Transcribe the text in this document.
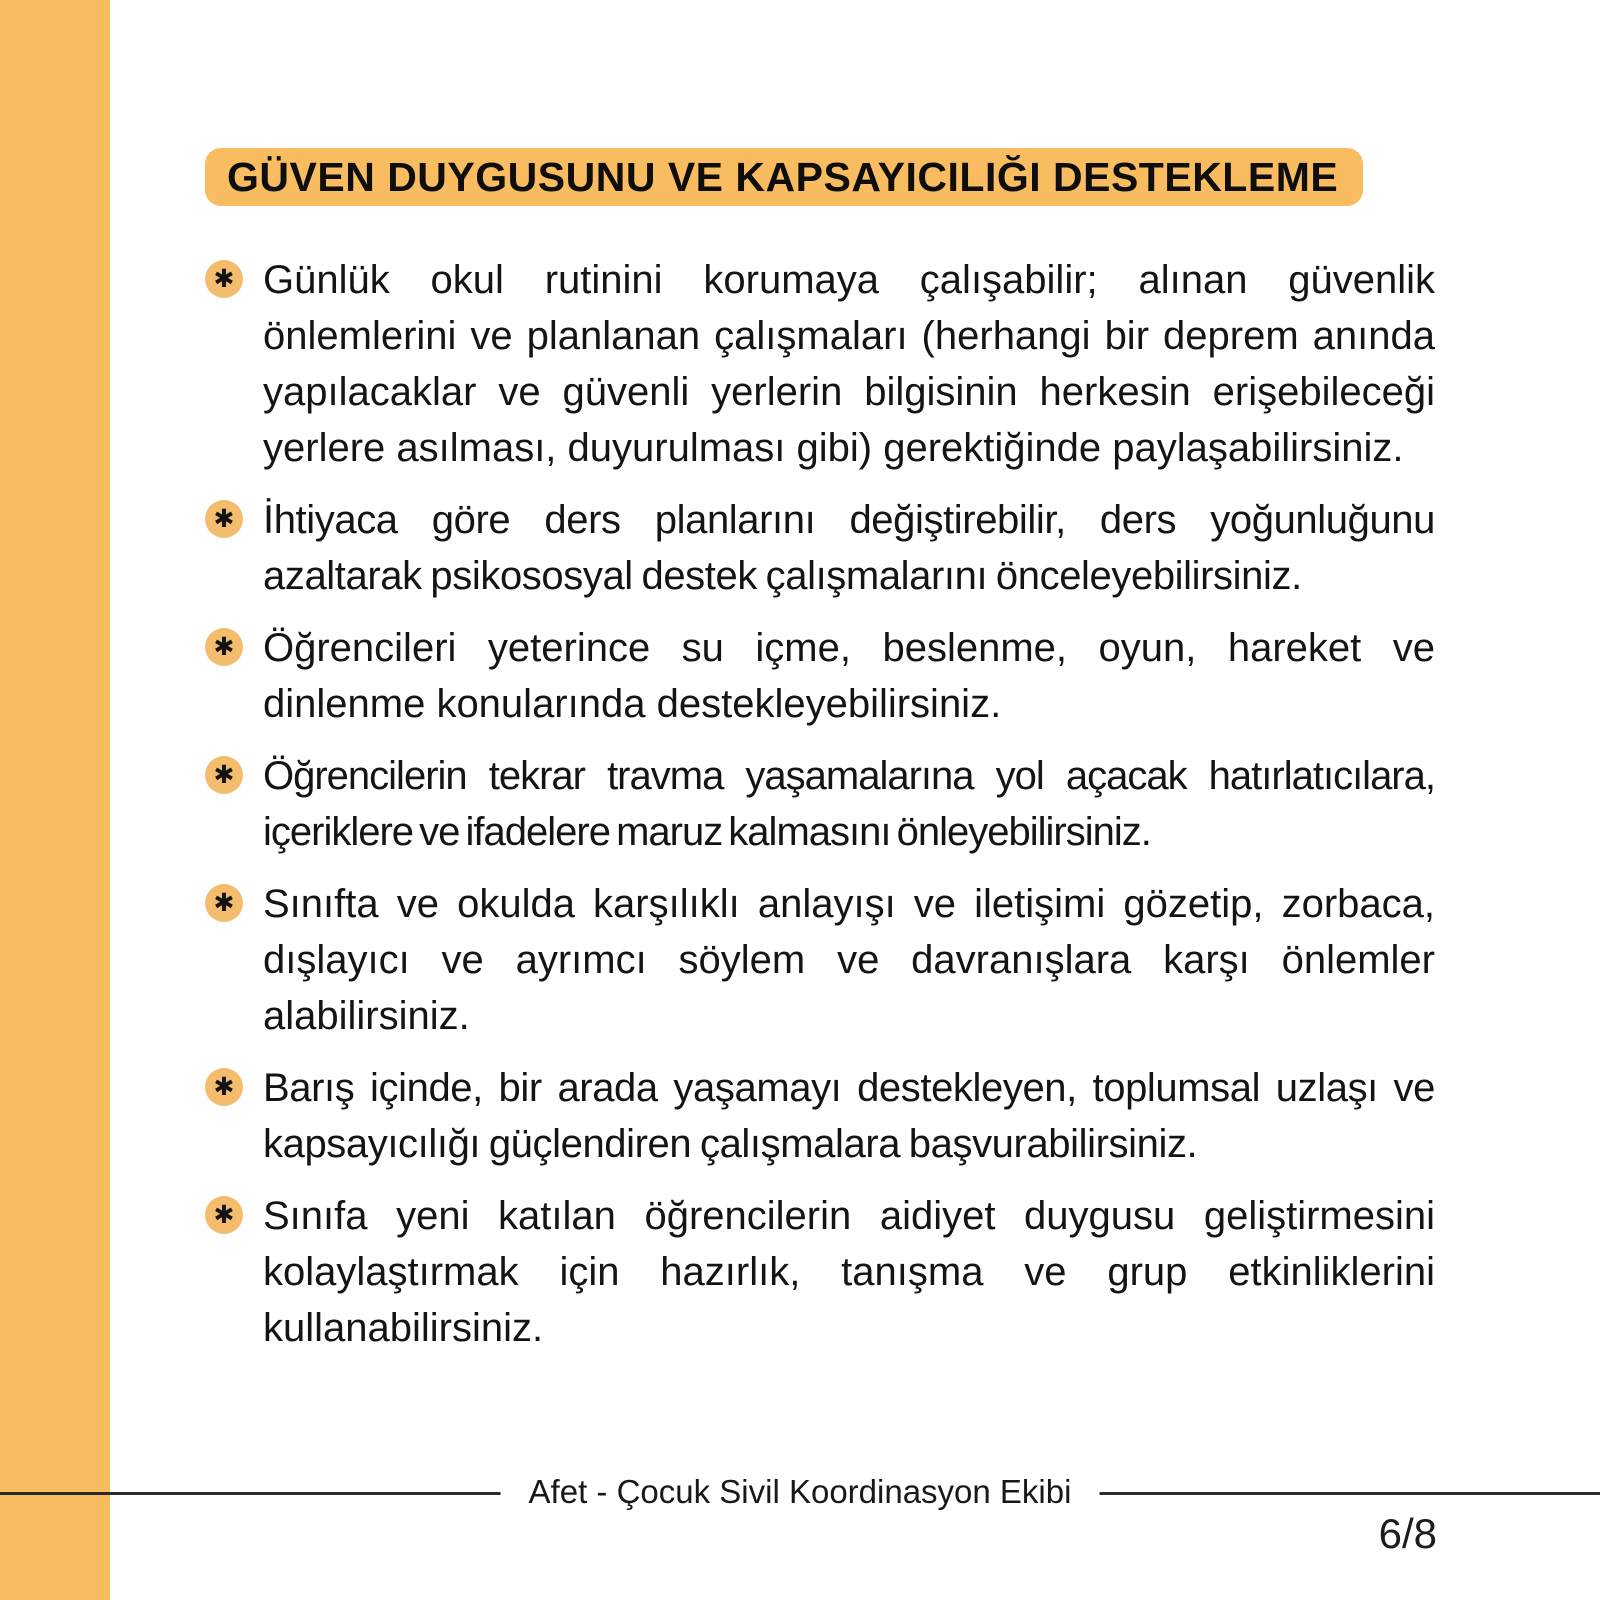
GÜVEN DUYGUSUNU VE KAPSAYICILIĞI DESTEKLEME
✱ Günlük okul rutinini korumaya çalışabilir; alınan güvenlik önlemlerini ve planlanan çalışmaları (herhangi bir deprem anında yapılacaklar ve güvenli yerlerin bilgisinin herkesin erişebileceği yerlere asılması, duyurulması gibi) gerektiğinde paylaşabilirsiniz.

✱ İhtiyaca göre ders planlarını değiştirebilir, ders yoğunluğunu azaltarak psikososyal destek çalışmalarını önceleyebilirsiniz.

✱ Öğrencileri yeterince su içme, beslenme, oyun, hareket ve dinlenme konularında destekleyebilirsiniz.

✱ Öğrencilerin tekrar travma yaşamalarına yol açacak hatırlatıcılara, içeriklere ve ifadelere maruz kalmasını önleyebilirsiniz.

✱ Sınıfta ve okulda karşılıklı anlayışı ve iletişimi gözetip, zorbaca, dışlayıcı ve ayrımcı söylem ve davranışlara karşı önlemler alabilirsiniz.

✱ Barış içinde, bir arada yaşamayı destekleyen, toplumsal uzlaşı ve kapsayıcılığı güçlendiren çalışmalara başvurabilirsiniz.

✱ Sınıfa yeni katılan öğrencilerin aidiyet duygusu geliştirmesini kolaylaştırmak için hazırlık, tanışma ve grup etkinliklerini kullanabilirsiniz.

Afet - Çocuk Sivil Koordinasyon Ekibi
6/8
